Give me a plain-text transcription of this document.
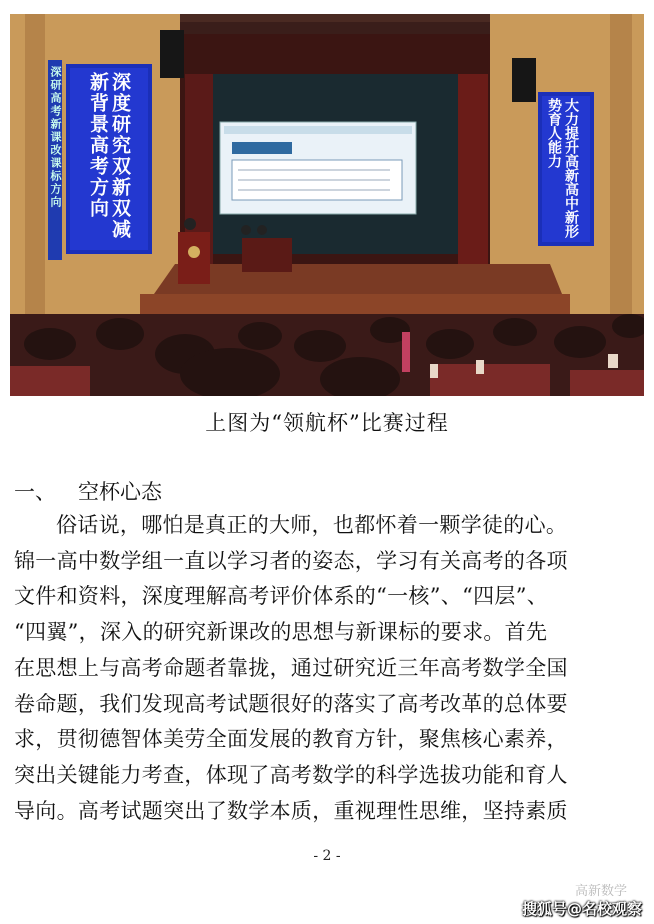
深度研究双新双减新背景高考方向
深研高考新课改课标方向	大力提升高新高中新形势育人能力
上图为“领航杯”比赛过程
一、 空杯心态
俗话说，哪怕是真正的大师，也都怀着一颗学徒的心。
锦一高中数学组一直以学习者的姿态，学习有关高考的各项
文件和资料，深度理解高考评价体系的“一核”、“四层”、
“四翼”，深入的研究新课改的思想与新课标的要求。首先
在思想上与高考命题者靠拢，通过研究近三年高考数学全国
卷命题，我们发现高考试题很好的落实了高考改革的总体要
求，贯彻德智体美劳全面发展的教育方针，聚焦核心素养，
突出关键能力考查，体现了高考数学的科学选拔功能和育人
导向。高考试题突出了数学本质，重视理性思维，坚持素质
- 2 -
高新数学
搜狐号@名校观察
